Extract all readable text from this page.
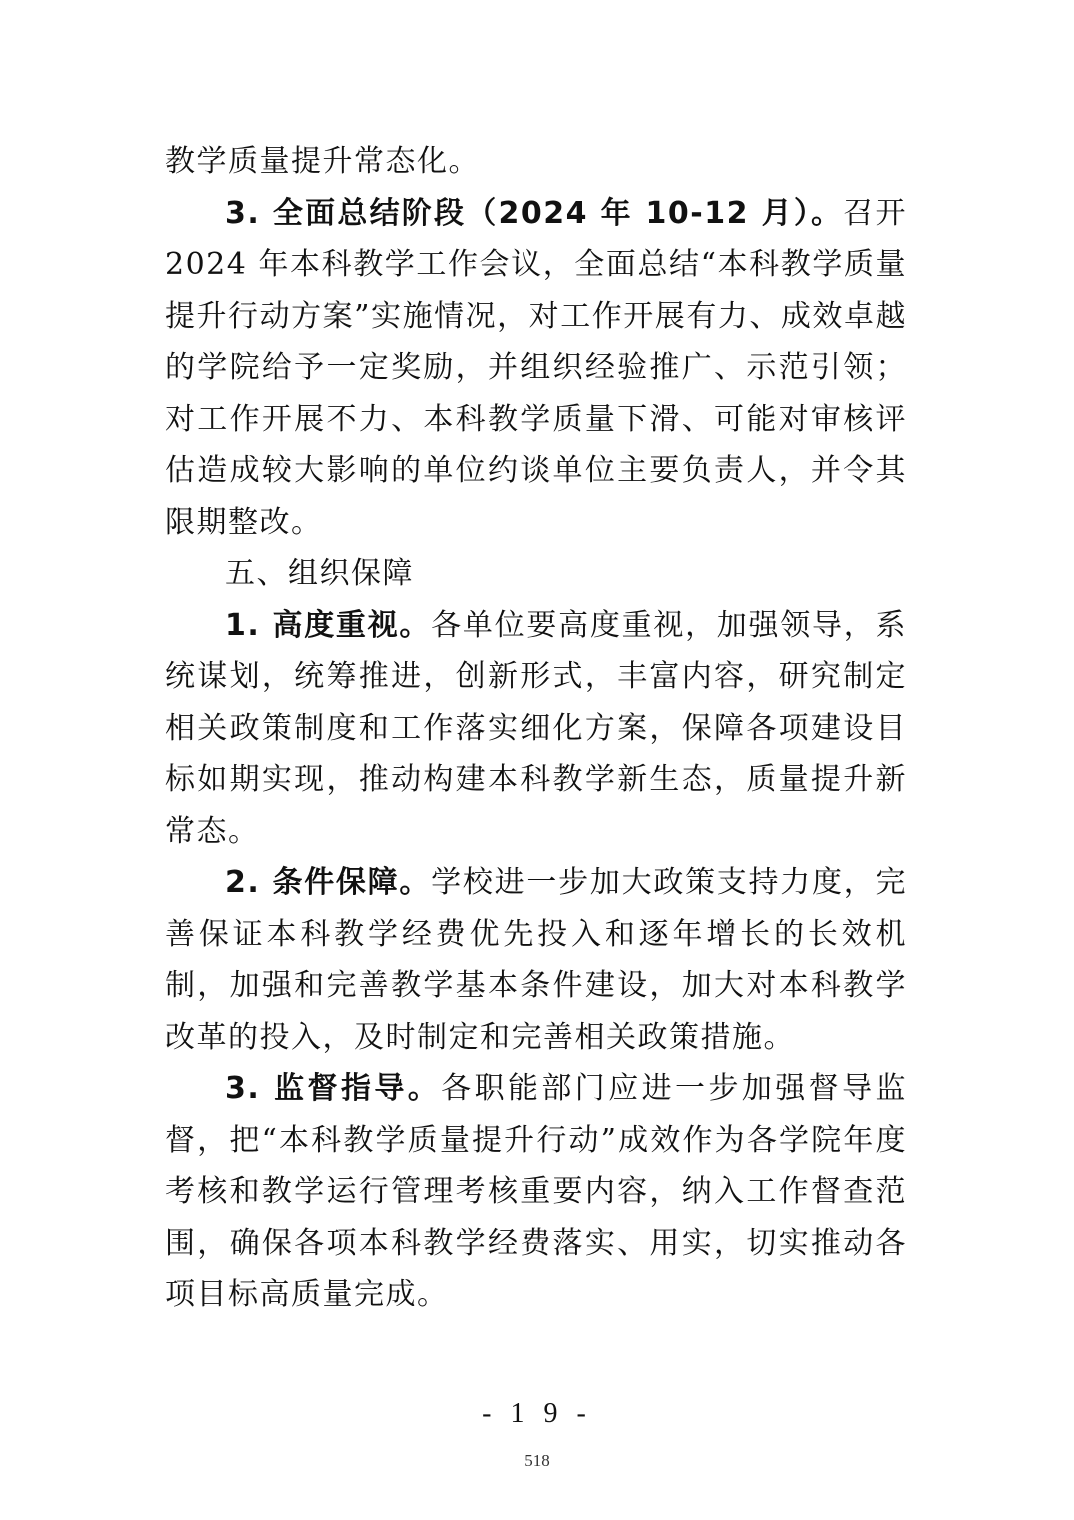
教学质量提升常态化。

3. 全面总结阶段（2024 年 10-12 月）。召开 2024 年本科教学工作会议，全面总结“本科教学质量提升行动方案”实施情况，对工作开展有力、成效卓越的学院给予一定奖励，并组织经验推广、示范引领；对工作开展不力、本科教学质量下滑、可能对审核评估造成较大影响的单位约谈单位主要负责人，并令其限期整改。

五、组织保障

1. 高度重视。各单位要高度重视，加强领导，系统谋划，统筹推进，创新形式，丰富内容，研究制定相关政策制度和工作落实细化方案，保障各项建设目标如期实现，推动构建本科教学新生态，质量提升新常态。

2. 条件保障。学校进一步加大政策支持力度，完善保证本科教学经费优先投入和逐年增长的长效机制，加强和完善教学基本条件建设，加大对本科教学改革的投入，及时制定和完善相关政策措施。

3. 监督指导。各职能部门应进一步加强督导监督，把“本科教学质量提升行动”成效作为各学院年度考核和教学运行管理考核重要内容，纳入工作督查范围，确保各项本科教学经费落实、用实，切实推动各项目标高质量完成。

- 1 9 -
518
